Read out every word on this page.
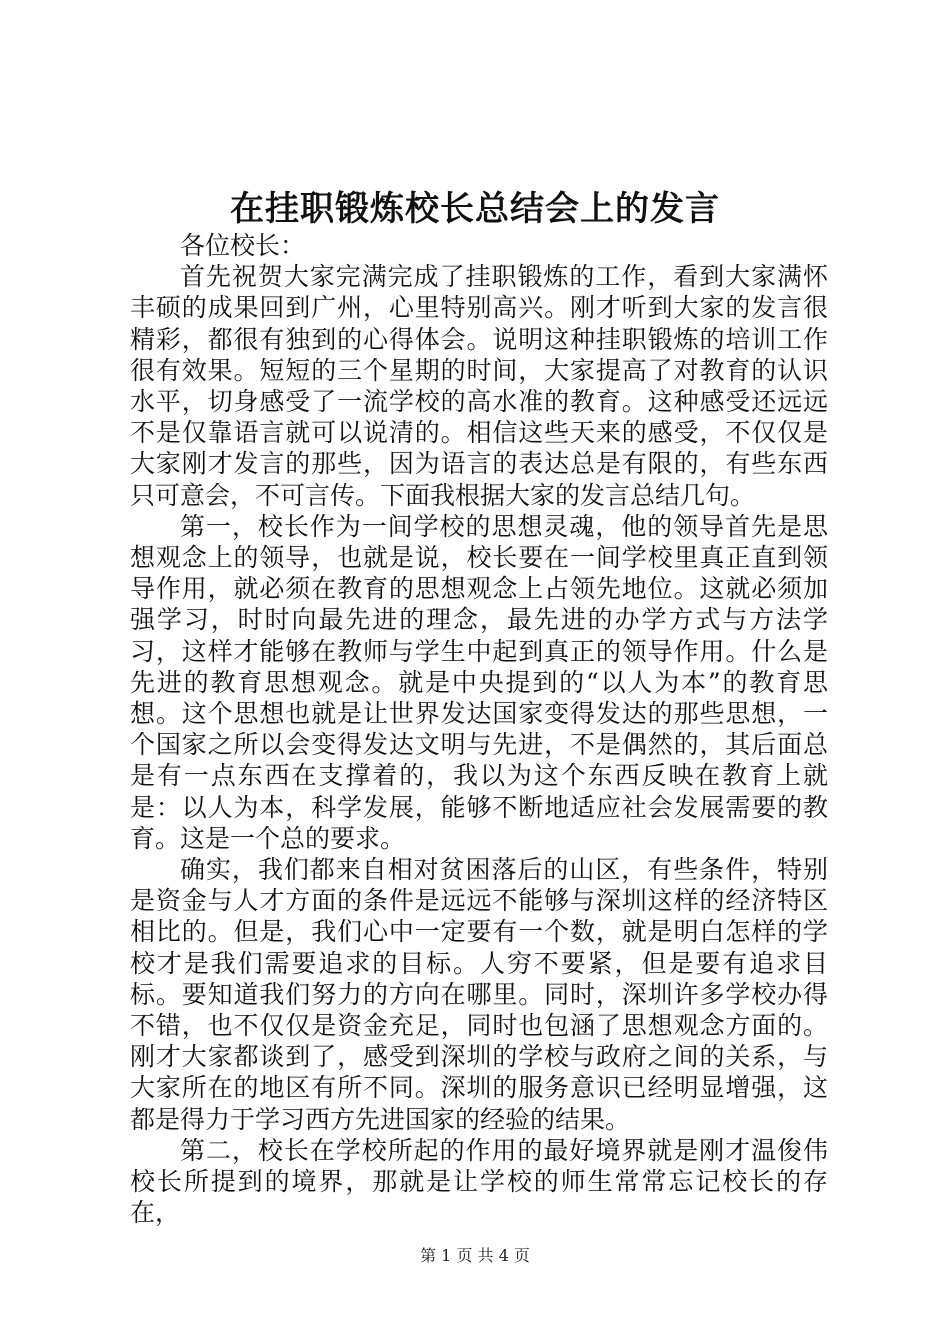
在挂职锻炼校长总结会上的发言

各位校长：

首先祝贺大家完满完成了挂职锻炼的工作，看到大家满怀丰硕的成果回到广州，心里特别高兴。刚才听到大家的发言很精彩，都很有独到的心得体会。说明这种挂职锻炼的培训工作很有效果。短短的三个星期的时间，大家提高了对教育的认识水平，切身感受了一流学校的高水准的教育。这种感受还远远不是仅靠语言就可以说清的。相信这些天来的感受，不仅仅是大家刚才发言的那些，因为语言的表达总是有限的，有些东西只可意会，不可言传。下面我根据大家的发言总结几句。

第一，校长作为一间学校的思想灵魂，他的领导首先是思想观念上的领导，也就是说，校长要在一间学校里真正直到领导作用，就必须在教育的思想观念上占领先地位。这就必须加强学习，时时向最先进的理念，最先进的办学方式与方法学习，这样才能够在教师与学生中起到真正的领导作用。什么是先进的教育思想观念。就是中央提到的“以人为本”的教育思想。这个思想也就是让世界发达国家变得发达的那些思想，一个国家之所以会变得发达文明与先进，不是偶然的，其后面总是有一点东西在支撑着的，我以为这个东西反映在教育上就是：以人为本，科学发展，能够不断地适应社会发展需要的教育。这是一个总的要求。

确实，我们都来自相对贫困落后的山区，有些条件，特别是资金与人才方面的条件是远远不能够与深圳这样的经济特区相比的。但是，我们心中一定要有一个数，就是明白怎样的学校才是我们需要追求的目标。人穷不要紧，但是要有追求目标。要知道我们努力的方向在哪里。同时，深圳许多学校办得不错，也不仅仅是资金充足，同时也包涵了思想观念方面的。刚才大家都谈到了，感受到深圳的学校与政府之间的关系，与大家所在的地区有所不同。深圳的服务意识已经明显增强，这都是得力于学习西方先进国家的经验的结果。

第二，校长在学校所起的作用的最好境界就是刚才温俊伟校长所提到的境界，那就是让学校的师生常常忘记校长的存在，

第 1 页 共 4 页
